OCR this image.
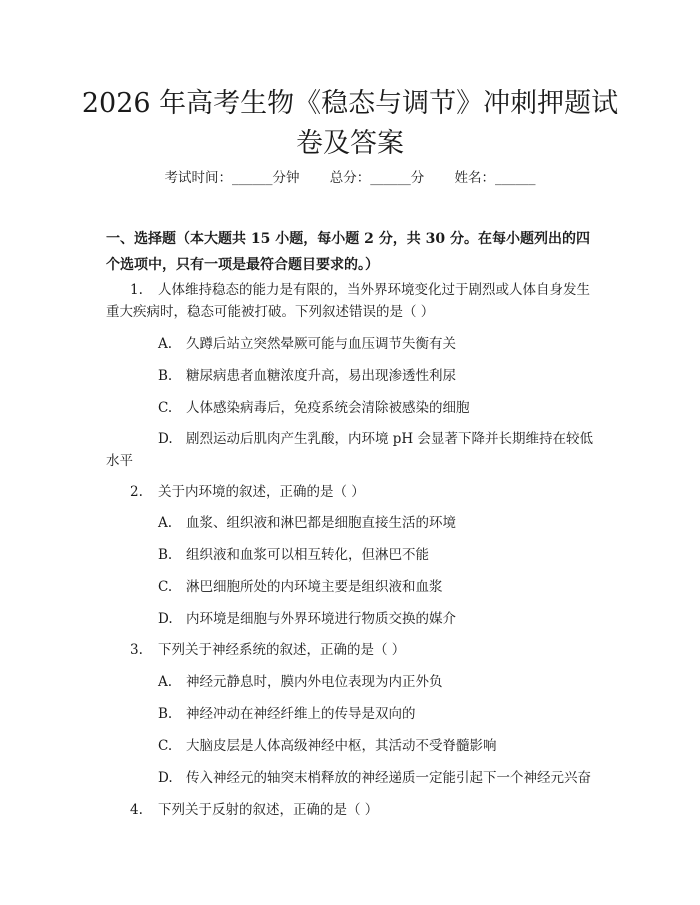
2026 年高考生物《稳态与调节》冲刺押题试
卷及答案
考试时间：______分钟 总分：______分 姓名：______
一、选择题（本大题共 15 小题，每小题 2 分，共 30 分。在每小题列出的四个选项中，只有一项是最符合题目要求的。）
1. 人体维持稳态的能力是有限的，当外界环境变化过于剧烈或人体自身发生
重大疾病时，稳态可能被打破。下列叙述错误的是（ ）
A. 久蹲后站立突然晕厥可能与血压调节失衡有关
B. 糖尿病患者血糖浓度升高，易出现渗透性利尿
C. 人体感染病毒后，免疫系统会清除被感染的细胞
D. 剧烈运动后肌肉产生乳酸，内环境 pH 会显著下降并长期维持在较低
水平
2. 关于内环境的叙述，正确的是（ ）
A. 血浆、组织液和淋巴都是细胞直接生活的环境
B. 组织液和血浆可以相互转化，但淋巴不能
C. 淋巴细胞所处的内环境主要是组织液和血浆
D. 内环境是细胞与外界环境进行物质交换的媒介
3. 下列关于神经系统的叙述，正确的是（ ）
A. 神经元静息时，膜内外电位表现为内正外负
B. 神经冲动在神经纤维上的传导是双向的
C. 大脑皮层是人体高级神经中枢，其活动不受脊髓影响
D. 传入神经元的轴突末梢释放的神经递质一定能引起下一个神经元兴奋
4. 下列关于反射的叙述，正确的是（ ）
